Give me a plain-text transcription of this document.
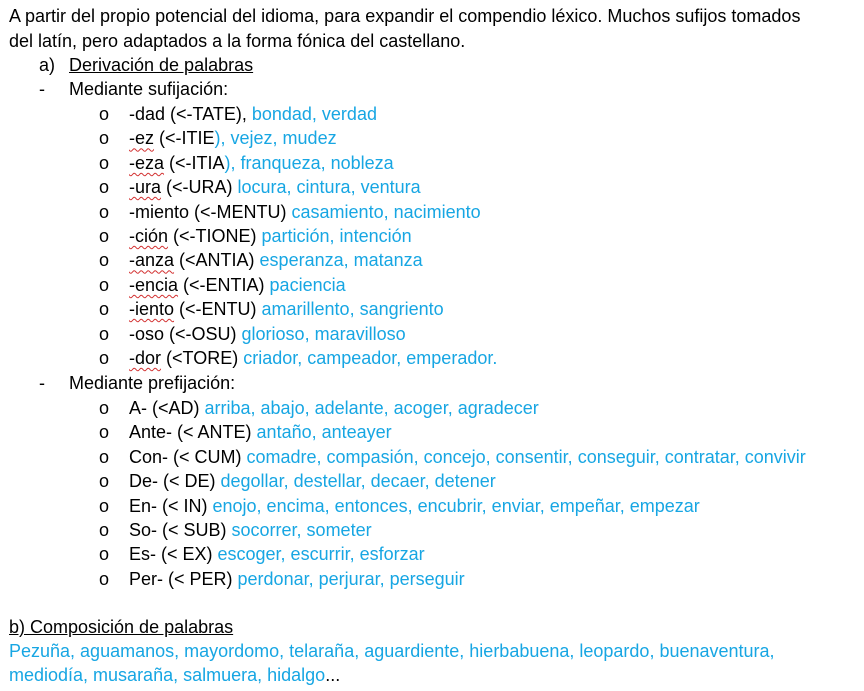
A partir del propio potencial del idioma, para expandir el compendio léxico. Muchos sufijos tomados
del latín, pero adaptados a la forma fónica del castellano.
a) Derivación de palabras
- Mediante sufijación:
o -dad (<-TATE), bondad, verdad
o -ez (<-ITIE), vejez, mudez
o -eza (<-ITIA), franqueza, nobleza
o -ura (<-URA) locura, cintura, ventura
o -miento (<-MENTU) casamiento, nacimiento
o -ción (<-TIONE) partición, intención
o -anza (<ANTIA) esperanza, matanza
o -encia (<-ENTIA) paciencia
o -iento (<-ENTU) amarillento, sangriento
o -oso (<-OSU) glorioso, maravilloso
o -dor (<TORE) criador, campeador, emperador.
- Mediante prefijación:
o A- (<AD) arriba, abajo, adelante, acoger, agradecer
o Ante- (< ANTE) antaño, anteayer
o Con- (< CUM) comadre, compasión, concejo, consentir, conseguir, contratar, convivir
o De- (< DE) degollar, destellar, decaer, detener
o En- (< IN) enojo, encima, entonces, encubrir, enviar, empeñar, empezar
o So- (< SUB) socorrer, someter
o Es- (< EX) escoger, escurrir, esforzar
o Per- (< PER) perdonar, perjurar, perseguir
b) Composición de palabras
Pezuña, aguamanos, mayordomo, telaraña, aguardiente, hierbabuena, leopardo, buenaventura,
mediodía, musaraña, salmuera, hidalgo...
